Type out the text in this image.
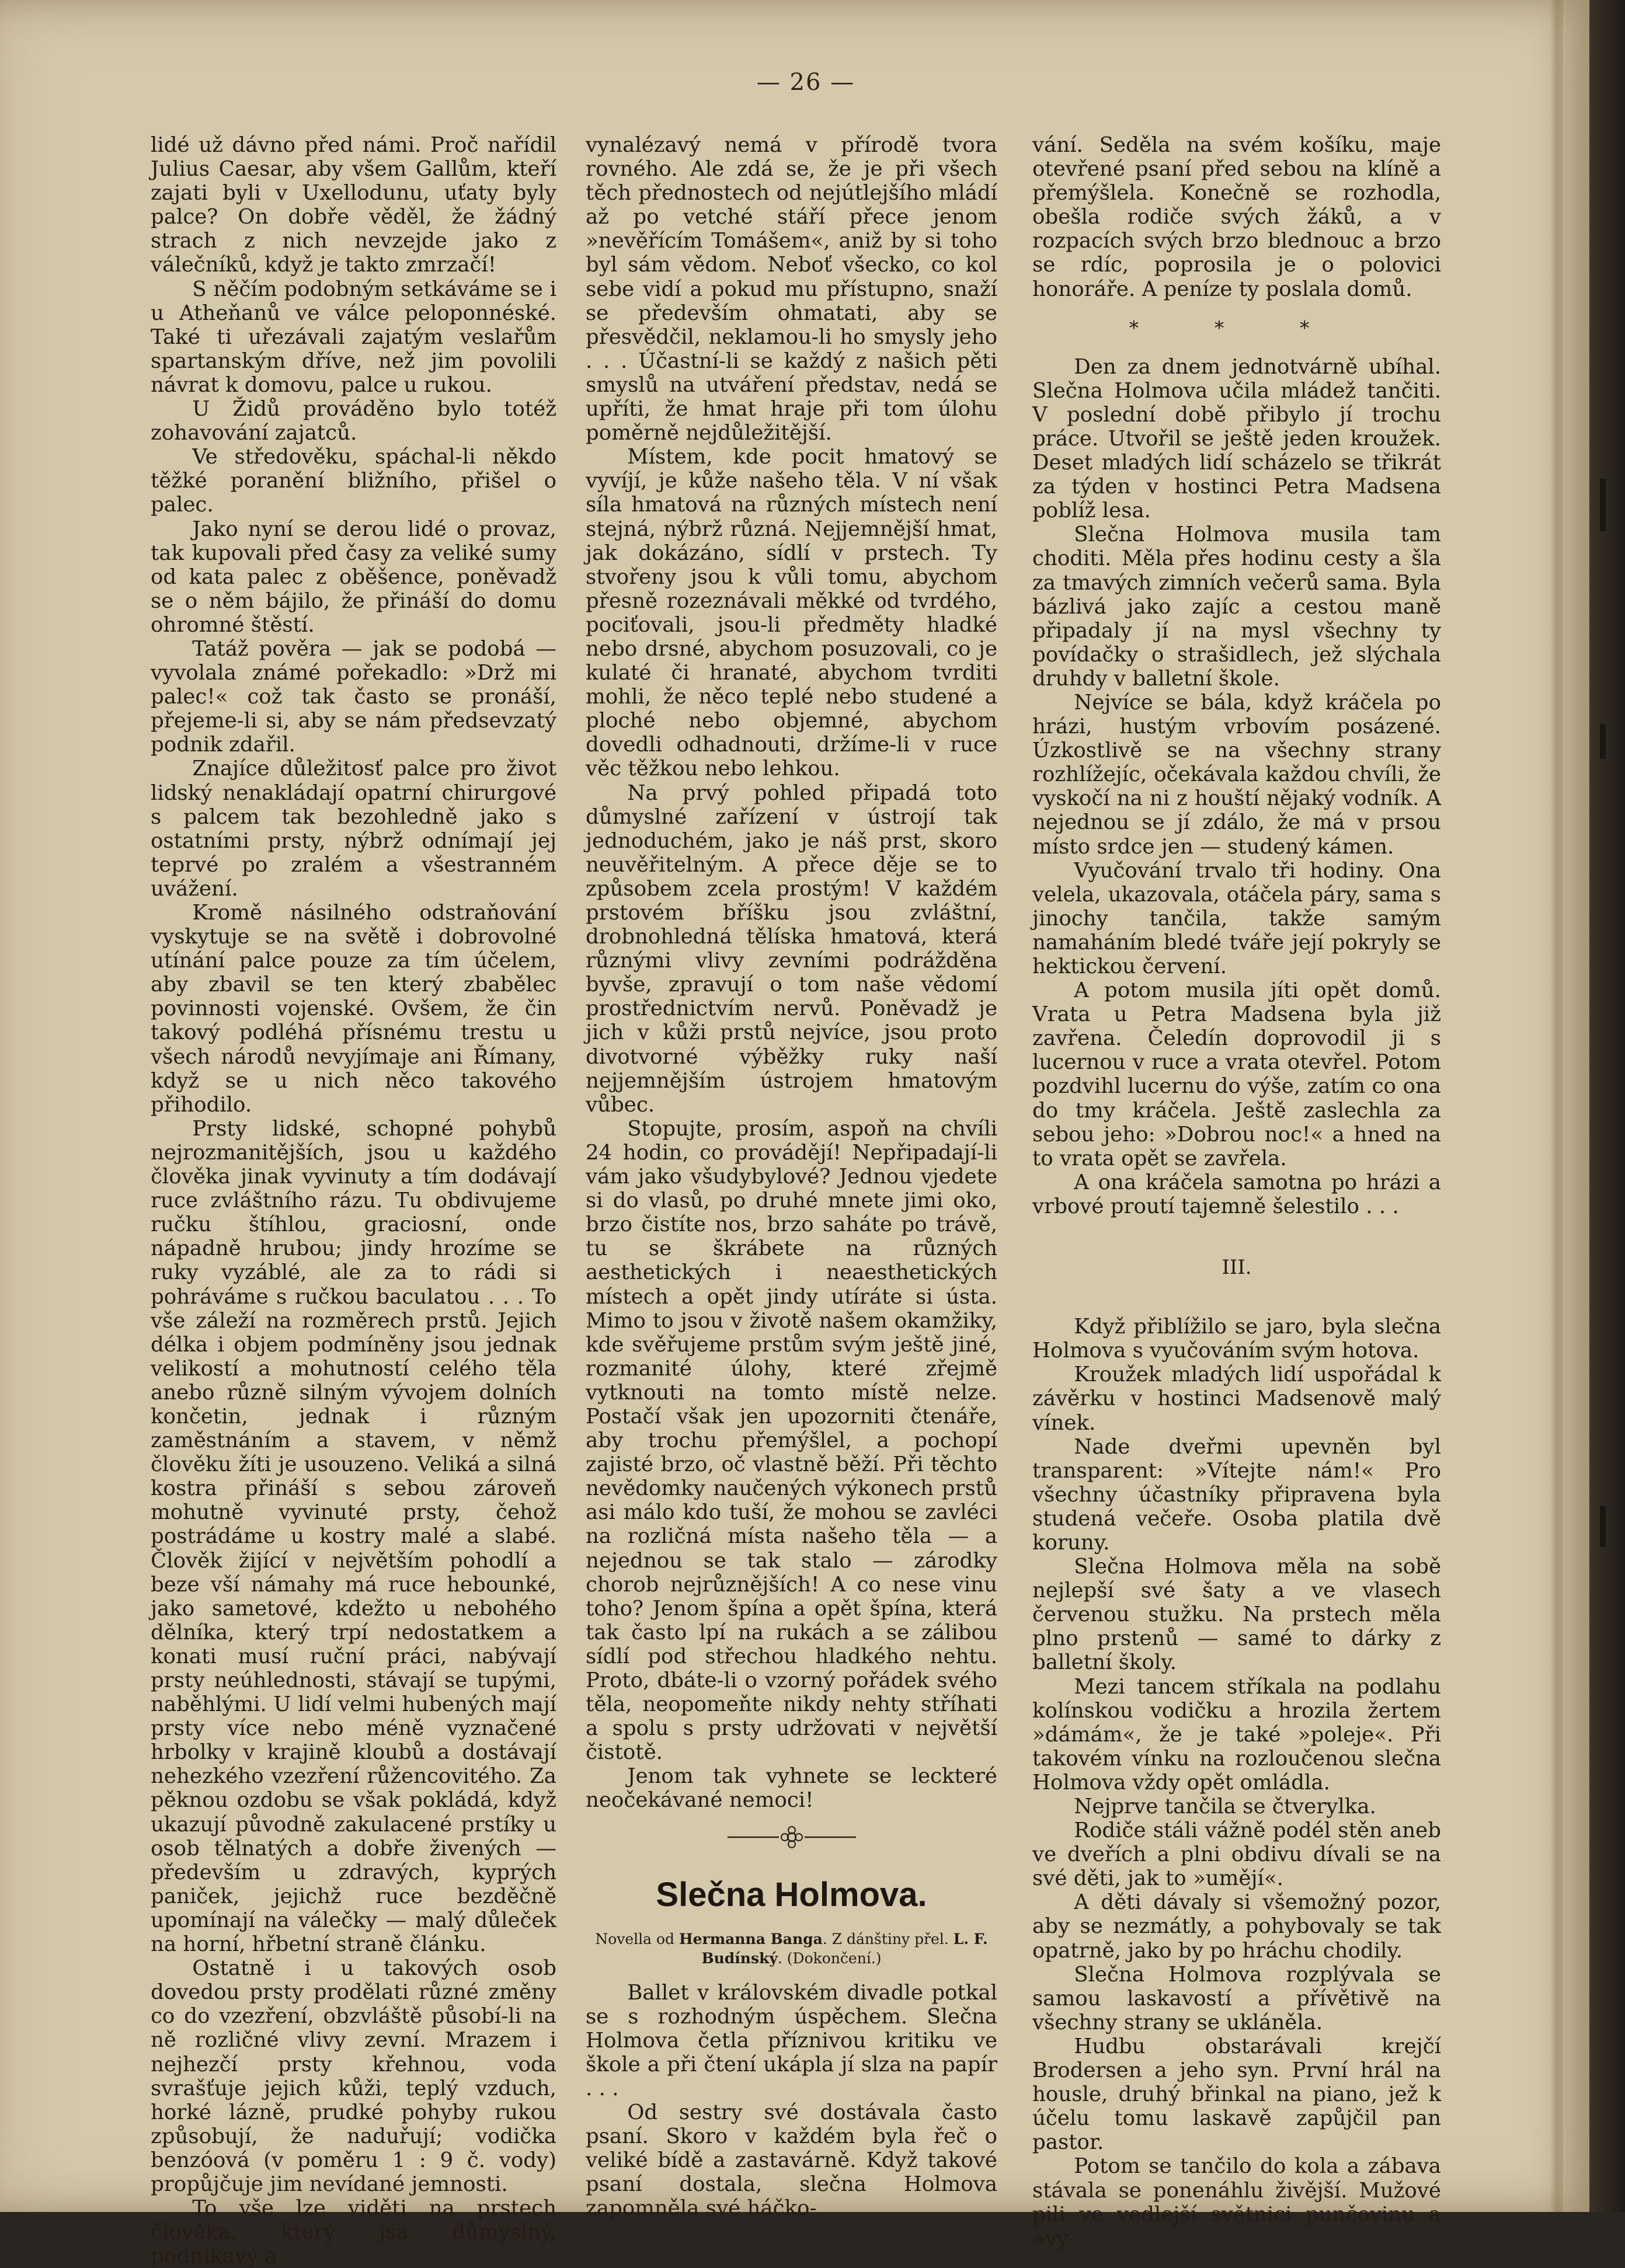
— 26 —

lidé už dávno před námi. Proč nařídil Julius Caesar, aby všem Gallům, kteří zajati byli v Uxellodunu, uťaty byly palce? On dobře věděl, že žádný strach z nich nevzejde jako z válečníků, když je takto zmrzačí!

S něčím podobným setkáváme se i u Atheňanů ve válce peloponnéské. Také ti uřezávali zajatým veslařům spartanským dříve, než jim povolili návrat k domovu, palce u rukou.

U Židů prováděno bylo totéž zohavování zajatců.

Ve středověku, spáchal-li někdo těžké poranění bližního, přišel o palec.

Jako nyní se derou lidé o provaz, tak kupovali před časy za veliké sumy od kata palec z oběšence, poněvadž se o něm bájilo, že přináší do domu ohromné štěstí.

Tatáž pověra — jak se podobá — vyvolala známé pořekadlo: »Drž mi palec!« což tak často se pronáší, přejeme-li si, aby se nám předsevzatý podnik zdařil.

Znajíce důležitosť palce pro život lidský nenakládají opatrní chirurgové s palcem tak bezohledně jako s ostatními prsty, nýbrž odnímají jej teprvé po zralém a všestranném uvážení.

Kromě násilného odstraňování vyskytuje se na světě i dobrovolné utínání palce pouze za tím účelem, aby zbavil se ten který zbabělec povinnosti vojenské. Ovšem, že čin takový podléhá přísnému trestu u všech národů nevyjímaje ani Římany, když se u nich něco takového přihodilo.

Prsty lidské, schopné pohybů nejrozmanitějších, jsou u každého člověka jinak vyvinuty a tím dodávají ruce zvláštního rázu. Tu obdivujeme ručku štíhlou, graciosní, onde nápadně hrubou; jindy hrozíme se ruky vyzáblé, ale za to rádi si pohráváme s ručkou baculatou . . . To vše záleží na rozměrech prstů. Jejich délka i objem podmíněny jsou jednak velikostí a mohutností celého těla anebo různě silným vývojem dolních končetin, jednak i různým zaměstnáním a stavem, v němž člověku žíti je usouzeno. Veliká a silná kostra přináší s sebou zároveň mohutně vyvinuté prsty, čehož postrádáme u kostry malé a slabé. Člověk žijící v největším pohodlí a beze vší námahy má ruce hebounké, jako sametové, kdežto u nebohého dělníka, který trpí nedostatkem a konati musí ruční práci, nabývají prsty neúhlednosti, stávají se tupými, naběhlými. U lidí velmi hubených mají prsty více nebo méně vyznačené hrbolky v krajině kloubů a dostávají nehezkého vzezření růžencovitého. Za pěknou ozdobu se však pokládá, když ukazují původně zakulacené prstíky u osob tělnatých a dobře živených — především u zdravých, kyprých paniček, jejichž ruce bezděčně upomínají na válečky — malý důleček na horní, hřbetní straně článku.

Ostatně i u takových osob dovedou prsty prodělati různé změny co do vzezření, obzvláště působí-li na ně rozličné vlivy zevní. Mrazem i nejhezčí prsty křehnou, voda svrašťuje jejich kůži, teplý vzduch, horké lázně, prudké pohyby rukou způsobují, že naduřují; vodička benzóová (v poměru 1 : 9 č. vody) propůjčuje jim nevídané jemnosti.

To vše lze viděti na prstech člověka, který jsa důmyslný, podnikavý a

vynalézavý nemá v přírodě tvora rovného. Ale zdá se, že je při všech těch přednostech od nejútlejšího mládí až po vetché stáří přece jenom »nevěřícím Tomášem«, aniž by si toho byl sám vědom. Neboť všecko, co kol sebe vidí a pokud mu přístupno, snaží se především ohmatati, aby se přesvědčil, neklamou-li ho smysly jeho . . . Účastní-li se každý z našich pěti smyslů na utváření představ, nedá se upříti, že hmat hraje při tom úlohu poměrně nejdůležitější.

Místem, kde pocit hmatový se vyvíjí, je kůže našeho těla. V ní však síla hmatová na různých místech není stejná, nýbrž různá. Nejjemnější hmat, jak dokázáno, sídlí v prstech. Ty stvořeny jsou k vůli tomu, abychom přesně rozeznávali měkké od tvrdého, pociťovali, jsou-li předměty hladké nebo drsné, abychom posuzovali, co je kulaté či hranaté, abychom tvrditi mohli, že něco teplé nebo studené a ploché nebo objemné, abychom dovedli odhadnouti, držíme-li v ruce věc těžkou nebo lehkou.

Na prvý pohled připadá toto důmyslné zařízení v ústrojí tak jednoduchém, jako je náš prst, skoro neuvěřitelným. A přece děje se to způsobem zcela prostým! V každém prstovém bříšku jsou zvláštní, drobnohledná tělíska hmatová, která různými vlivy zevními podrážděna byvše, zpravují o tom naše vědomí prostřednictvím nervů. Poněvadž je jich v kůži prstů nejvíce, jsou proto divotvorné výběžky ruky naší nejjemnějším ústrojem hmatovým vůbec.

Stopujte, prosím, aspoň na chvíli 24 hodin, co provádějí! Nepřipadají-li vám jako všudybylové? Jednou vjedete si do vlasů, po druhé mnete jimi oko, brzo čistíte nos, brzo saháte po trávě, tu se škrábete na různých aesthetických i neaesthetických místech a opět jindy utíráte si ústa. Mimo to jsou v životě našem okamžiky, kde svěřujeme prstům svým ještě jiné, rozmanité úlohy, které zřejmě vytknouti na tomto místě nelze. Postačí však jen upozorniti čtenáře, aby trochu přemýšlel, a pochopí zajisté brzo, oč vlastně běží. Při těchto nevědomky naučených výkonech prstů asi málo kdo tuší, že mohou se zavléci na rozličná místa našeho těla — a nejednou se tak stalo — zárodky chorob nejrůznějších! A co nese vinu toho? Jenom špína a opět špína, která tak často lpí na rukách a se zálibou sídlí pod střechou hladkého nehtu. Proto, dbáte-li o vzorný pořádek svého těla, neopomeňte nikdy nehty stříhati a spolu s prsty udržovati v největší čistotě.

Jenom tak vyhnete se leckteré neočekávané nemoci!

Slečna Holmova.
Novella od Hermanna Banga. Z dánštiny přel. L. F. Budínský. (Dokončení.)

Ballet v královském divadle potkal se s rozhodným úspěchem. Slečna Holmova četla příznivou kritiku ve škole a při čtení ukápla jí slza na papír . . .

Od sestry své dostávala často psaní. Skoro v každém byla řeč o veliké bídě a zastavárně. Když takové psaní dostala, slečna Holmova zapomněla své háčko-

vání. Seděla na svém košíku, maje otevřené psaní před sebou na klíně a přemýšlela. Konečně se rozhodla, obešla rodiče svých žáků, a v rozpacích svých brzo blednouc a brzo se rdíc, poprosila je o polovici honoráře. A peníze ty poslala domů.

* * *

Den za dnem jednotvárně ubíhal. Slečna Holmova učila mládež tančiti. V poslední době přibylo jí trochu práce. Utvořil se ještě jeden kroužek. Deset mladých lidí scházelo se třikrát za týden v hostinci Petra Madsena poblíž lesa.

Slečna Holmova musila tam choditi. Měla přes hodinu cesty a šla za tmavých zimních večerů sama. Byla bázlivá jako zajíc a cestou maně připadaly jí na mysl všechny ty povídačky o strašidlech, jež slýchala druhdy v balletní škole.

Nejvíce se bála, když kráčela po hrázi, hustým vrbovím posázené. Úzkostlivě se na všechny strany rozhlížejíc, očekávala každou chvíli, že vyskočí na ni z houští nějaký vodník. A nejednou se jí zdálo, že má v prsou místo srdce jen — studený kámen.

Vyučování trvalo tři hodiny. Ona velela, ukazovala, otáčela páry, sama s jinochy tančila, takže samým namaháním bledé tváře její pokryly se hektickou červení.

A potom musila jíti opět domů. Vrata u Petra Madsena byla již zavřena. Čeledín doprovodil ji s lucernou v ruce a vrata otevřel. Potom pozdvihl lucernu do výše, zatím co ona do tmy kráčela. Ještě zaslechla za sebou jeho: »Dobrou noc!« a hned na to vrata opět se zavřela.

A ona kráčela samotna po hrázi a vrbové proutí tajemně šelestilo . . .

III.

Když přiblížilo se jaro, byla slečna Holmova s vyučováním svým hotova.

Kroužek mladých lidí uspořádal k závěrku v hostinci Madsenově malý vínek.

Nade dveřmi upevněn byl transparent: »Vítejte nám!« Pro všechny účastníky připravena byla studená večeře. Osoba platila dvě koruny.

Slečna Holmova měla na sobě nejlepší své šaty a ve vlasech červenou stužku. Na prstech měla plno prstenů — samé to dárky z balletní školy.

Mezi tancem stříkala na podlahu kolínskou vodičku a hrozila žertem »dámám«, že je také »poleje«. Při takovém vínku na rozloučenou slečna Holmova vždy opět omládla.

Nejprve tančila se čtverylka.

Rodiče stáli vážně podél stěn aneb ve dveřích a plni obdivu dívali se na své děti, jak to »umějí«.

A děti dávaly si všemožný pozor, aby se nezmátly, a pohybovaly se tak opatrně, jako by po hráchu chodily.

Slečna Holmova rozplývala se samou laskavostí a přívětivě na všechny strany se ukláněla.

Hudbu obstarávali krejčí Brodersen a jeho syn. První hrál na housle, druhý břinkal na piano, jež k účelu tomu laskavě zapůjčil pan pastor.

Potom se tančilo do kola a zábava stávala se ponenáhlu živější. Mužové pili ve vedlejší světnici punčovinu a »vy-
